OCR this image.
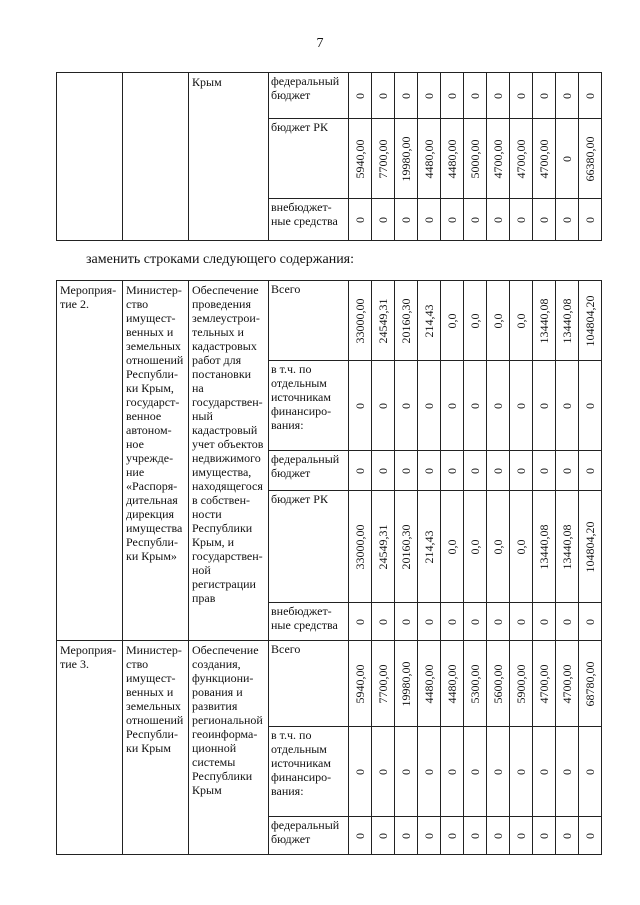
7
		Крым	федеральный бюджет	0	0	0	0	0	0	0	0	0	0	0

			бюджет РК	5940,00	7700,00	19980,00	4480,00	4480,00	5000,00	4700,00	4700,00	4700,00	0	66380,00

			внебюджет-ные средства	0	0	0	0	0	0	0	0	0	0	0
заменить строками следующего содержания:
Мероприя-тие 2.	Министер-ство имущест-венных и земельных отношений Республи-ки Крым, государст-венное автоном-ное учрежде-ние «Распоря-дительная дирекция имущества Республи-ки Крым»	Обеспечение проведения землеустрои-тельных и кадастровых работ для постановки на государствен-ный кадастровый учет объектов недвижимого имущества, находящегося в собствен-ности Республики Крым, и государствен-ной регистрации прав	Всего	33000,00	24549,31	20160,30	214,43	0,0	0,0	0,0	0,0	13440,08	13440,08	104804,20

			в т.ч. по отдельным источникам финансиро-вания:	0	0	0	0	0	0	0	0	0	0	0

			федеральный бюджет	0	0	0	0	0	0	0	0	0	0	0

			бюджет РК	33000,00	24549,31	20160,30	214,43	0,0	0,0	0,0	0,0	13440,08	13440,08	104804,20

			внебюджет-ные средства	0	0	0	0	0	0	0	0	0	0	0

Мероприя-тие 3.	Министер-ство имущест-венных и земельных отношений Республи-ки Крым	Обеспечение создания, функциони-рования и развития региональной геоинформа-ционной системы Республики Крым	Всего	5940,00	7700,00	19980,00	4480,00	4480,00	5300,00	5600,00	5900,00	4700,00	4700,00	68780,00

			в т.ч. по отдельным источникам финансиро-вания:	0	0	0	0	0	0	0	0	0	0	0

			федеральный бюджет	0	0	0	0	0	0	0	0	0	0	0
